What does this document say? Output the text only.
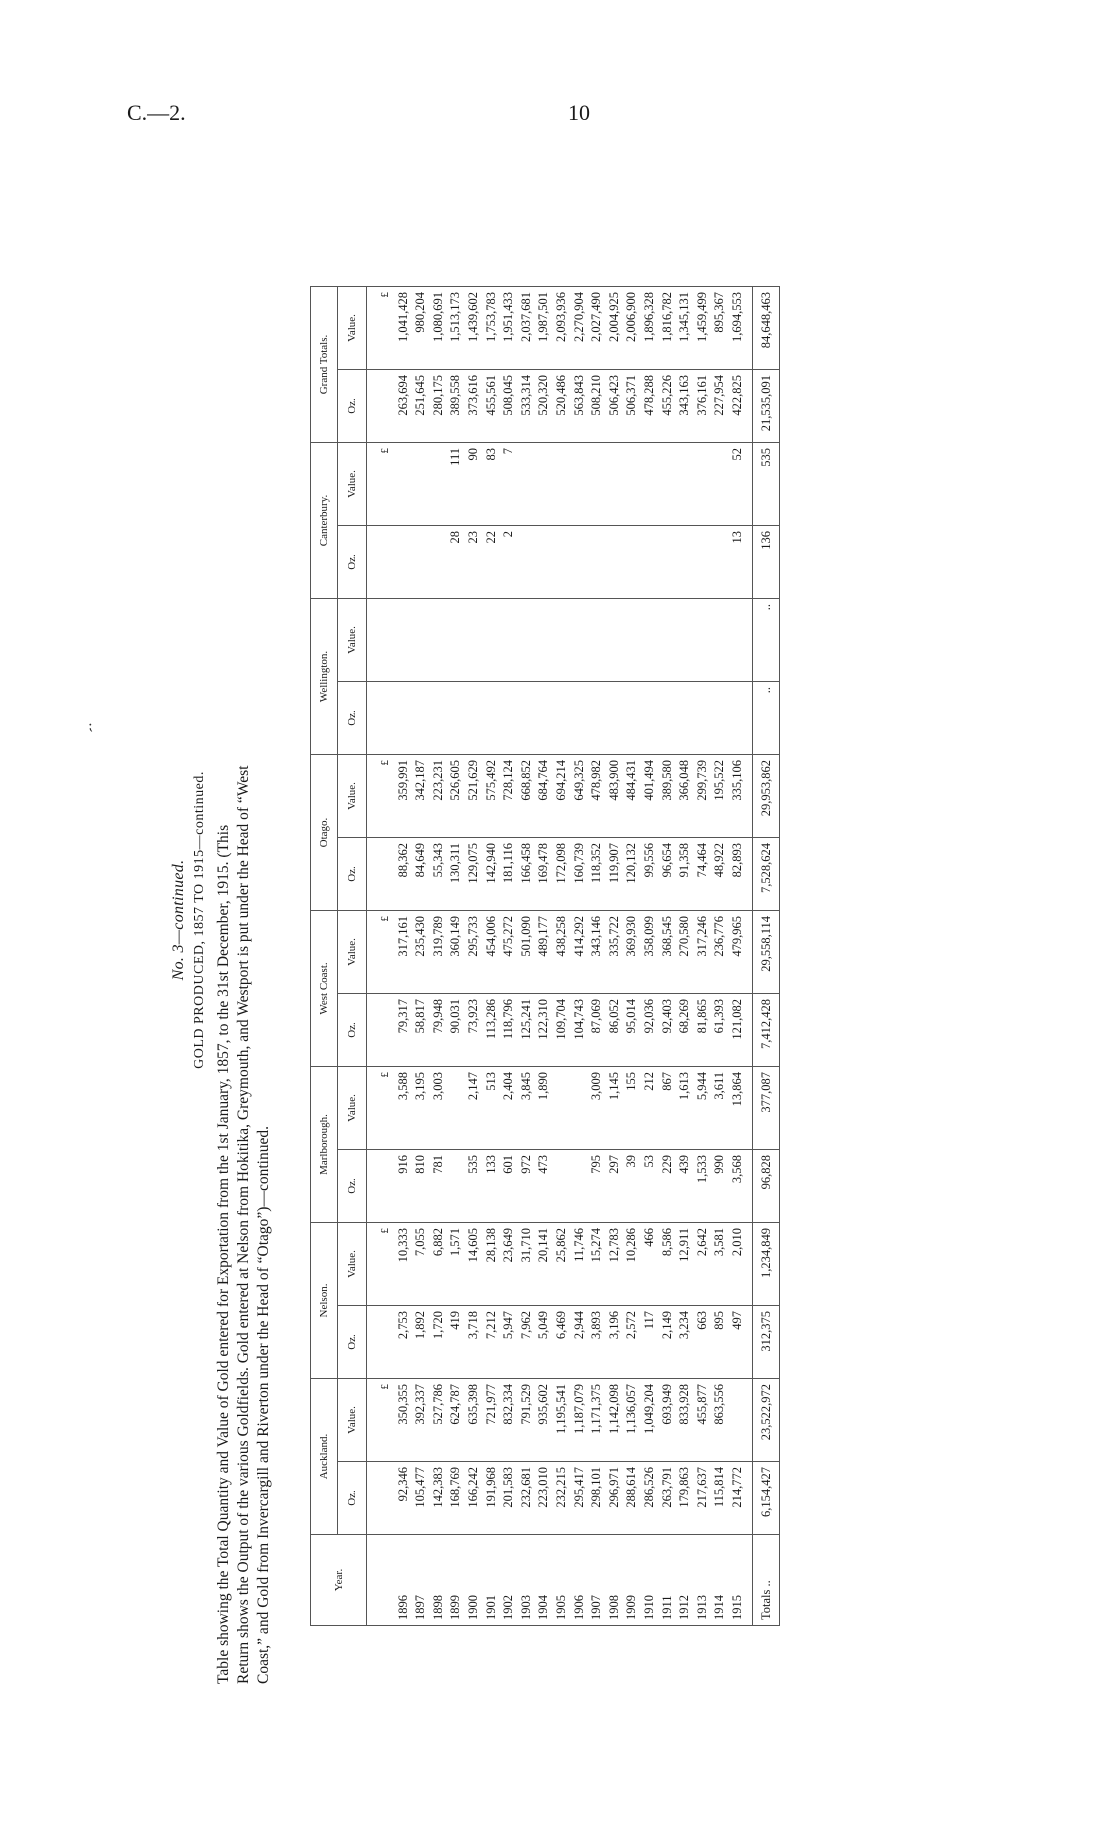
C.—2.	10
⁏
No. 3—continued. GOLD PRODUCED, 1857 TO 1915—continued. Table showing the Total Quantity and Value of Gold entered for Exportation from the 1st January, 1857, to the 31st December, 1915. (This Return shows the Output of the various Goldfields. Gold entered at Nelson from Hokitika, Greymouth, and Westport is put under the Head of “West Coast,” and Gold from Invercargill and Riverton under the Head of “Otago”)—continued.	Year.	Auckland.		Nelson.		Marlborough.		West Coast.		Otago.		Wellington.		Canterbury.		Grand Totals.	
	Oz.	Value.	Oz.	Value.	Oz.	Value.	Oz.	Value.	Oz.	Value.	Oz.	Value.	Oz.	Value.	Oz.	Value.
		£		£		£		£		£				£		£
1896	92,346	350,355	2,753	10,333	916	3,588	79,317	317,161	88,362	359,991					263,694	1,041,428
1897	105,477	392,337	1,892	7,055	810	3,195	58,817	235,430	84,649	342,187					251,645	980,204
1898	142,383	527,786	1,720	6,882	781	3,003	79,948	319,789	55,343	223,231					280,175	1,080,691
1899	168,769	624,787	419	1,571			90,031	360,149	130,311	526,605			28	111	389,558	1,513,173
1900	166,242	635,398	3,718	14,605	535	2,147	73,923	295,733	129,075	521,629			23	90	373,616	1,439,602
1901	191,968	721,977	7,212	28,138	133	513	113,286	454,006	142,940	575,492			22	83	455,561	1,753,783
1902	201,583	832,334	5,947	23,649	601	2,404	118,796	475,272	181,116	728,124			2	7	508,045	1,951,433
1903	232,681	791,529	7,962	31,710	972	3,845	125,241	501,090	166,458	668,852					533,314	2,037,681
1904	223,010	935,602	5,049	20,141	473	1,890	122,310	489,177	169,478	684,764					520,320	1,987,501
1905	232,215	1,195,541	6,469	25,862			109,704	438,258	172,098	694,214					520,486	2,093,936
1906	295,417	1,187,079	2,944	11,746			104,743	414,292	160,739	649,325					563,843	2,270,904
1907	298,101	1,171,375	3,893	15,274	795	3,009	87,069	343,146	118,352	478,982					508,210	2,027,490
1908	296,971	1,142,098	3,196	12,783	297	1,145	86,052	335,722	119,907	483,900					506,423	2,004,925
1909	288,614	1,136,057	2,572	10,286	39	155	95,014	369,930	120,132	484,431					506,371	2,006,900
1910	286,526	1,049,204	117	466	53	212	92,036	358,099	99,556	401,494					478,288	1,896,328
1911	263,791	693,949	2,149	8,586	229	867	92,403	368,545	96,654	389,580					455,226	1,816,782
1912	179,863	833,928	3,234	12,911	439	1,613	68,269	270,580	91,358	366,048					343,163	1,345,131
1913	217,637	455,877	663	2,642	1,533	5,944	81,865	317,246	74,464	299,739					376,161	1,459,499
1914	115,814	863,556	895	3,581	990	3,611	61,393	236,776	48,922	195,522					227,954	895,367
1915	214,772		497	2,010	3,568	13,864	121,082	479,965	82,893	335,106			13	52	422,825	1,694,553
Totals ..	6,154,427	23,522,972	312,375	1,234,849	96,828	377,087	7,412,428	29,558,114	7,528,624	29,953,862	..	..	136	535	21,535,091	84,648,463
